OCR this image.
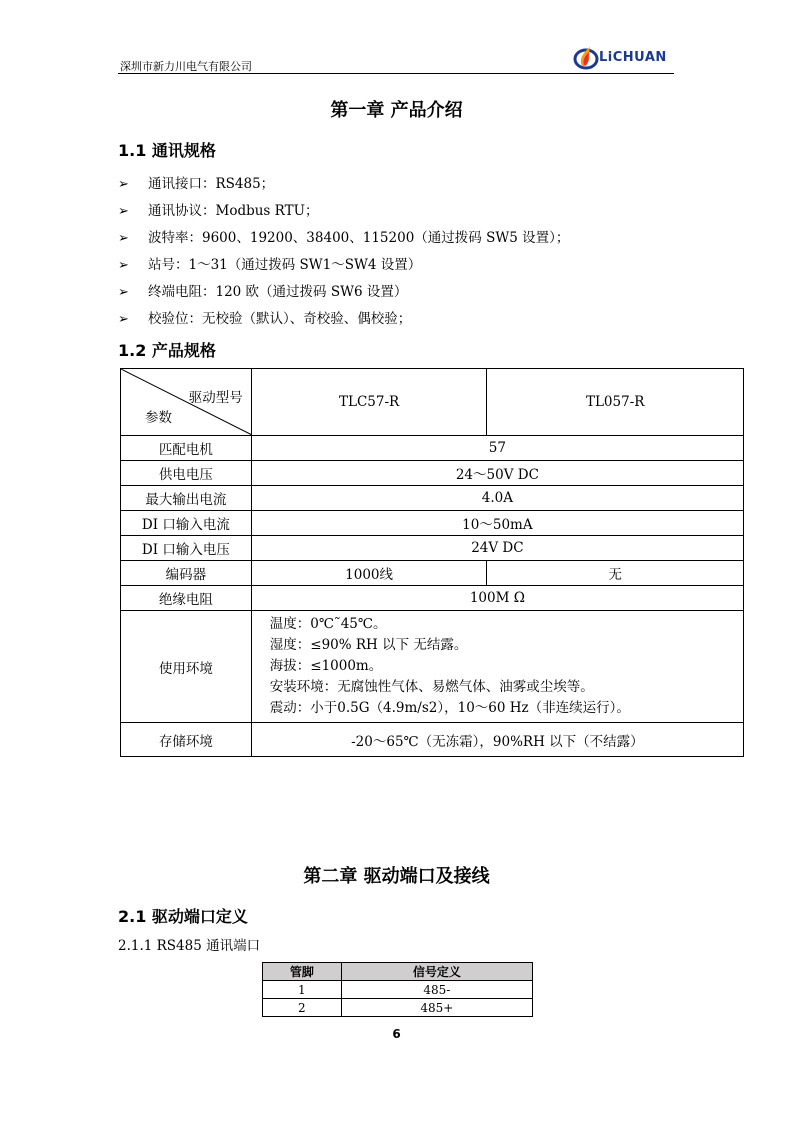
深圳市新力川电气有限公司
LiCHUAN
第一章 产品介绍
1.1 通讯规格
➢ 通讯接口：RS485；
➢ 通讯协议：Modbus RTU；
➢ 波特率：9600、19200、38400、115200（通过拨码 SW5 设置）；
➢ 站号：1～31（通过拨码 SW1～SW4 设置）
➢ 终端电阻：120 欧（通过拨码 SW6 设置）
➢ 校验位：无校验（默认）、奇校验、偶校验；
1.2 产品规格
驱动型号
参数	TLC57-R	TL057-R
匹配电机	57	
供电电压	24～50V DC	
最大输出电流	4.0A	
DI 口输入电流	10～50mA	
DI 口输入电压	24V DC	
编码器	1000线	无
绝缘电阻	100M Ω	
使用环境	温度：0℃˜45℃。
湿度：≤90% RH 以下 无结露。
海拔：≤1000m。
安装环境：无腐蚀性气体、易燃气体、油雾或尘埃等。
震动：小于0.5G（4.9m/s2），10～60 Hz（非连续运行）。	

存储环境	-20～65℃（无冻霜），90%RH 以下（不结露）	
第二章 驱动端口及接线
2.1 驱动端口定义
2.1.1 RS485 通讯端口
管脚	信号定义
1	485-
2	485+
6
